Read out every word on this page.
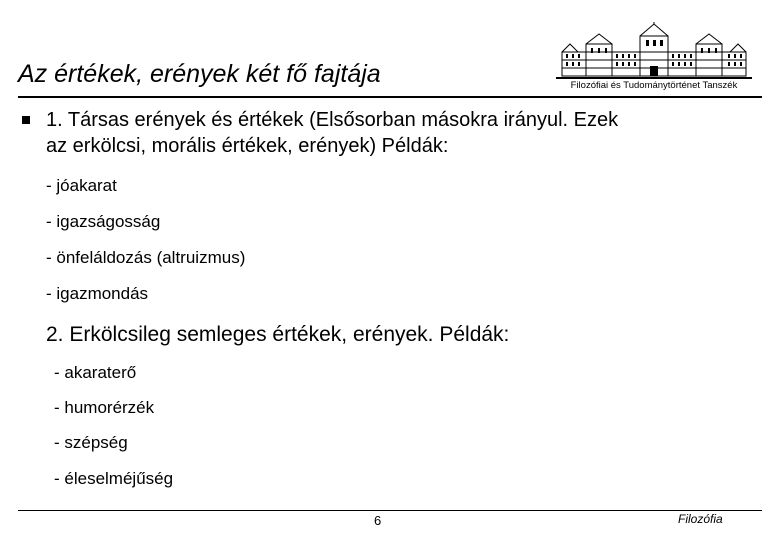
Az értékek, erények két fő fajtája	Filozófiai és Tudománytörténet Tanszék
1. Társas erények és értékek (Elsősorban másokra irányul. Ezek
az erkölcsi, morális értékek, erények) Példák:
- jóakarat
- igazságosság
- önfeláldozás (altruizmus)
- igazmondás
2. Erkölcsileg semleges értékek, erények. Példák:
- akaraterő
- humorérzék
- szépség
- éleselméjűség
6	Filozófia
